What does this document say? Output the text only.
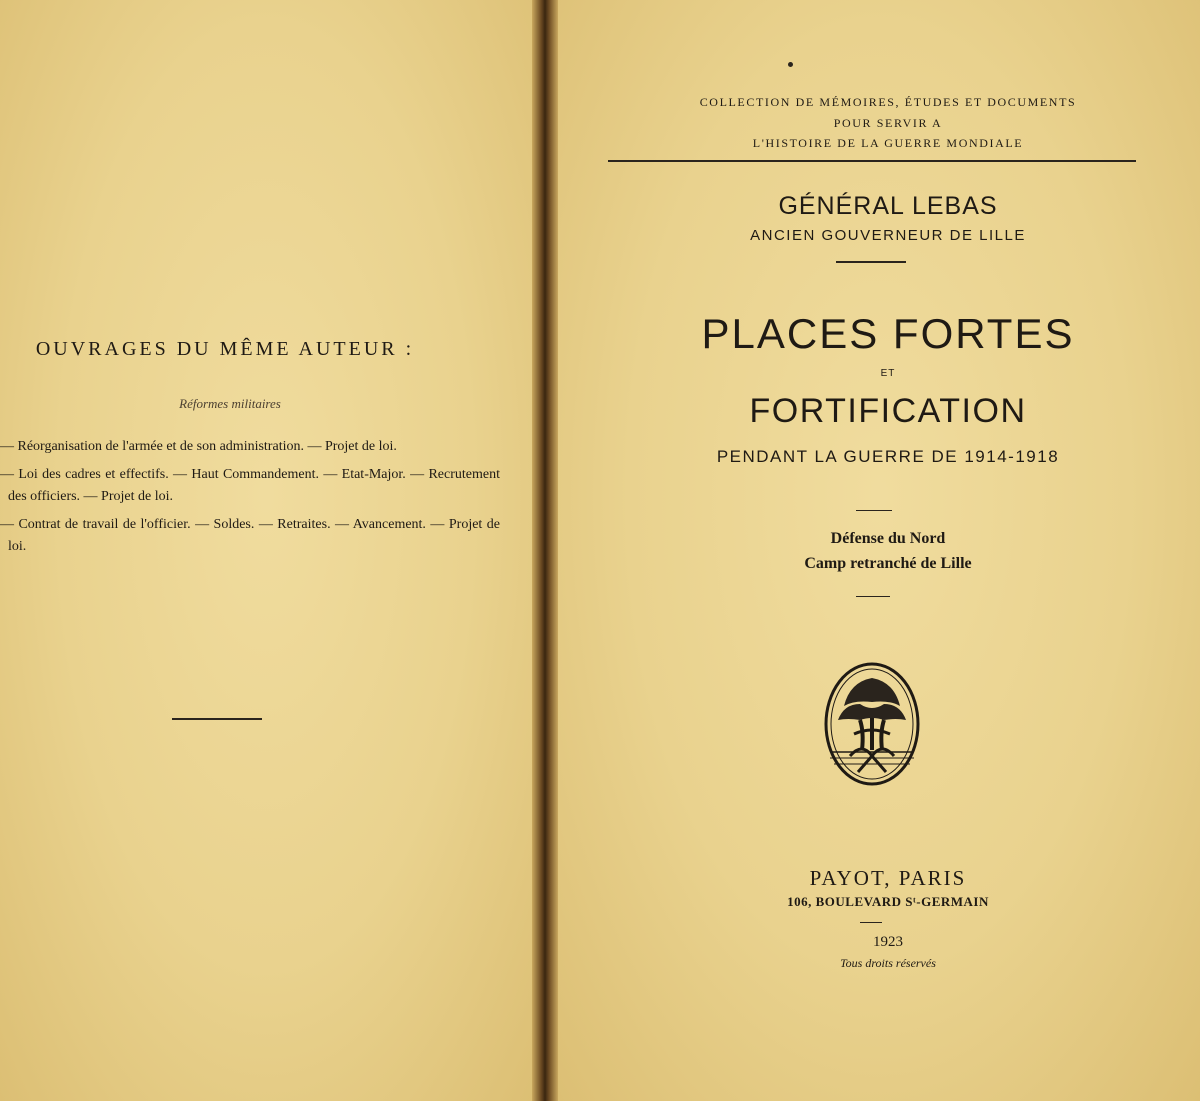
OUVRAGES DU MÊME AUTEUR :
Réformes militaires
— Réorganisation de l'armée et de son administration. — Projet de loi.
— Loi des cadres et effectifs. — Haut Commandement. — Etat-Major. — Recrutement des officiers. — Projet de loi.
— Contrat de travail de l'officier. — Soldes. — Retraites. — Avancement. — Projet de loi.
COLLECTION DE MÉMOIRES, ÉTUDES ET DOCUMENTS
POUR SERVIR A
L'HISTOIRE DE LA GUERRE MONDIALE
GÉNÉRAL LEBAS
ANCIEN GOUVERNEUR DE LILLE
PLACES FORTES
ET
FORTIFICATION
PENDANT LA GUERRE DE 1914-1918
Défense du Nord
Camp retranché de Lille
PAYOT, PARIS
106, BOULEVARD Sᵗ-GERMAIN
1923
Tous droits réservés
